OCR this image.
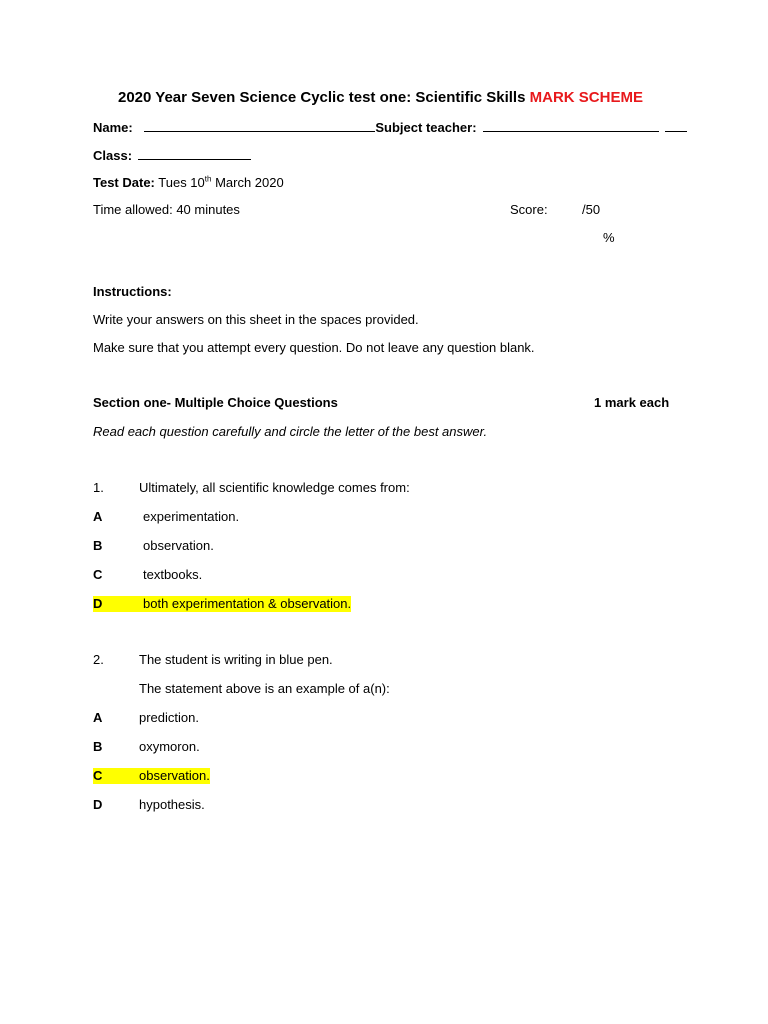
2020 Year Seven Science Cyclic test one: Scientific Skills MARK SCHEME
Name:	Subject teacher:
Class:
Test Date: Tues 10th March 2020
Time allowed: 40 minutes	Score:	/50
%
Instructions:
Write your answers on this sheet in the spaces provided.
Make sure that you attempt every question. Do not leave any question blank.
Section one- Multiple Choice Questions	1 mark each
Read each question carefully and circle the letter of the best answer.
1.	Ultimately, all scientific knowledge comes from:
A	experimentation.
B	observation.
C	textbooks.
D	both experimentation & observation.
2.	The student is writing in blue pen.
The statement above is an example of a(n):
A	prediction.
B	oxymoron.
C	observation.
D	hypothesis.
